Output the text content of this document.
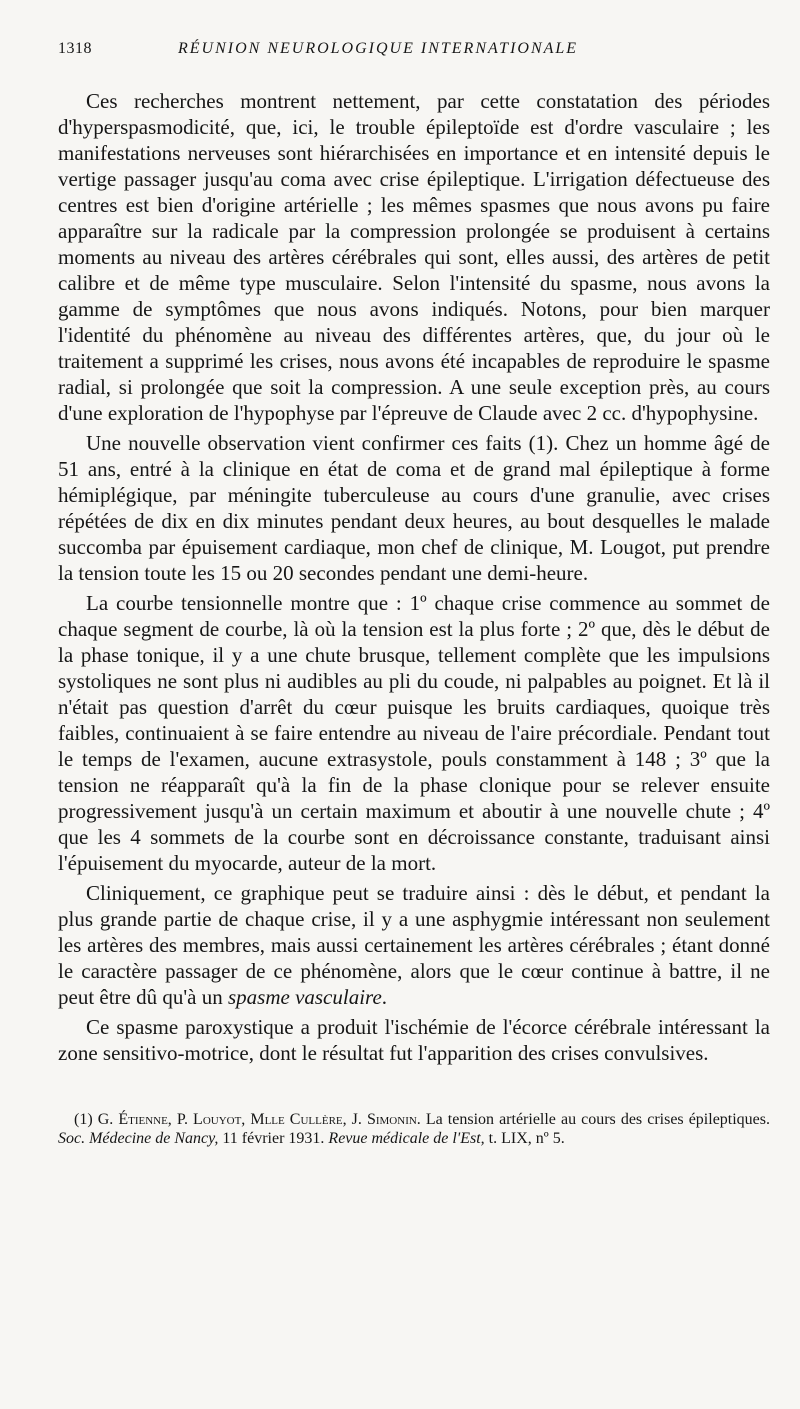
1318	RÉUNION NEUROLOGIQUE INTERNATIONALE

Ces recherches montrent nettement, par cette constatation des périodes d'hyperspasmodicité, que, ici, le trouble épileptoïde est d'ordre vasculaire ; les manifestations nerveuses sont hiérarchisées en importance et en intensité depuis le vertige passager jusqu'au coma avec crise épileptique. L'irrigation défectueuse des centres est bien d'origine artérielle ; les mêmes spasmes que nous avons pu faire apparaître sur la radicale par la compression prolongée se produisent à certains moments au niveau des artères cérébrales qui sont, elles aussi, des artères de petit calibre et de même type musculaire. Selon l'intensité du spasme, nous avons la gamme de symptômes que nous avons indiqués. Notons, pour bien marquer l'identité du phénomène au niveau des différentes artères, que, du jour où le traitement a supprimé les crises, nous avons été incapables de reproduire le spasme radial, si prolongée que soit la compression. A une seule exception près, au cours d'une exploration de l'hypophyse par l'épreuve de Claude avec 2 cc. d'hypophysine.

Une nouvelle observation vient confirmer ces faits (1). Chez un homme âgé de 51 ans, entré à la clinique en état de coma et de grand mal épileptique à forme hémiplégique, par méningite tuberculeuse au cours d'une granulie, avec crises répétées de dix en dix minutes pendant deux heures, au bout desquelles le malade succomba par épuisement cardiaque, mon chef de clinique, M. Lougot, put prendre la tension toute les 15 ou 20 secondes pendant une demi-heure.

La courbe tensionnelle montre que : 1º chaque crise commence au sommet de chaque segment de courbe, là où la tension est la plus forte ; 2º que, dès le début de la phase tonique, il y a une chute brusque, tellement complète que les impulsions systoliques ne sont plus ni audibles au pli du coude, ni palpables au poignet. Et là il n'était pas question d'arrêt du cœur puisque les bruits cardiaques, quoique très faibles, continuaient à se faire entendre au niveau de l'aire précordiale. Pendant tout le temps de l'examen, aucune extrasystole, pouls constamment à 148 ; 3º que la tension ne réapparaît qu'à la fin de la phase clonique pour se relever ensuite progressivement jusqu'à un certain maximum et aboutir à une nouvelle chute ; 4º que les 4 sommets de la courbe sont en décroissance constante, traduisant ainsi l'épuisement du myocarde, auteur de la mort.

Cliniquement, ce graphique peut se traduire ainsi : dès le début, et pendant la plus grande partie de chaque crise, il y a une asphygmie intéressant non seulement les artères des membres, mais aussi certainement les artères cérébrales ; étant donné le caractère passager de ce phénomène, alors que le cœur continue à battre, il ne peut être dû qu'à un spasme vasculaire.

Ce spasme paroxystique a produit l'ischémie de l'écorce cérébrale intéressant la zone sensitivo-motrice, dont le résultat fut l'apparition des crises convulsives.

(1) G. Étienne, P. Louyot, Mlle Cullère, J. Simonin. La tension artérielle au cours des crises épileptiques. Soc. Médecine de Nancy, 11 février 1931. Revue médicale de l'Est, t. LIX, nº 5.
